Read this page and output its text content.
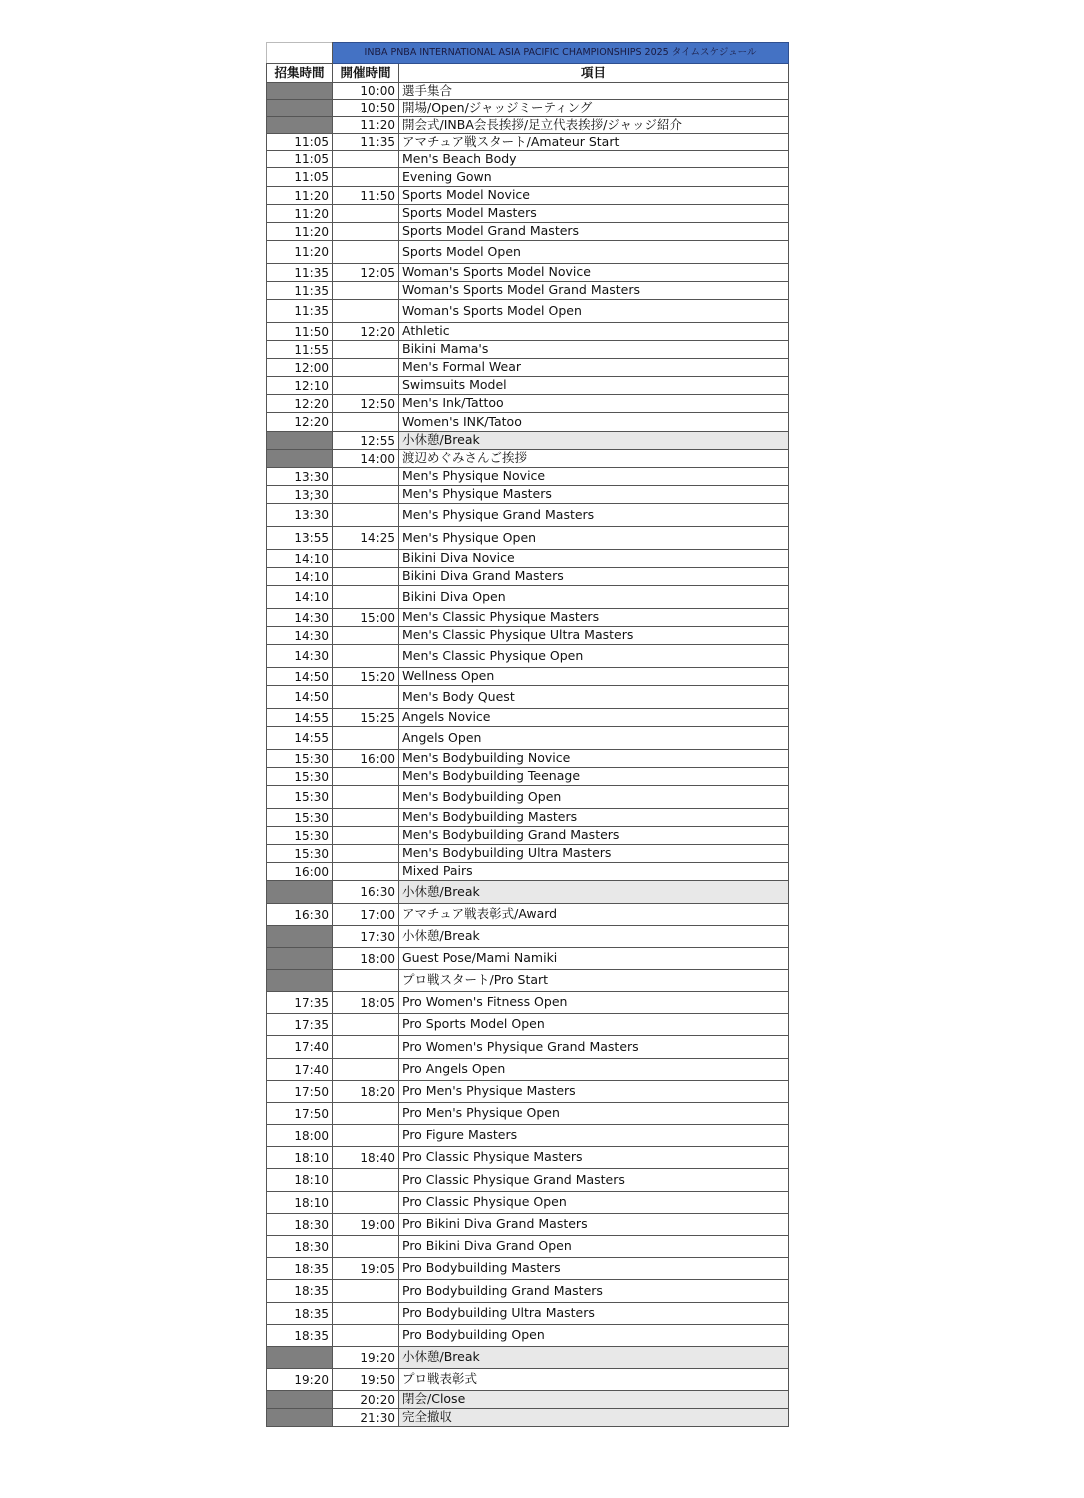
	INBA PNBA INTERNATIONAL ASIA PACIFIC CHAMPIONSHIPS 2025 タイムスケジュール	
招集時間	開催時間	項目
	10:00	選手集合
	10:50	開場/Open/ジャッジミーティング
	11:20	開会式/INBA会長挨拶/足立代表挨拶/ジャッジ紹介
11:05	11:35	アマチュア戦スタート/Amateur Start
11:05		Men's Beach Body
11:05		Evening Gown
11:20	11:50	Sports Model Novice
11:20		Sports Model Masters
11:20		Sports Model Grand Masters
11:20		Sports Model Open
11:35	12:05	Woman's Sports Model Novice
11:35		Woman's Sports Model Grand Masters
11:35		Woman's Sports Model Open
11:50	12:20	Athletic
11:55		Bikini Mama's
12:00		Men's Formal Wear
12:10		Swimsuits Model
12:20	12:50	Men's Ink/Tattoo
12:20		Women's INK/Tatoo
	12:55	小休憩/Break
	14:00	渡辺めぐみさんご挨拶
13:30		Men's Physique Novice
13;30		Men's Physique Masters
13:30		Men's Physique Grand Masters
13:55	14:25	Men's Physique Open
14:10		Bikini Diva Novice
14:10		Bikini Diva Grand Masters
14:10		Bikini Diva Open
14:30	15:00	Men's Classic Physique Masters
14:30		Men's Classic Physique Ultra Masters
14:30		Men's Classic Physique Open
14:50	15:20	Wellness Open
14:50		Men's Body Quest
14:55	15:25	Angels Novice
14:55		Angels Open
15:30	16:00	Men's Bodybuilding Novice
15:30		Men's Bodybuilding Teenage
15:30		Men's Bodybuilding Open
15:30		Men's Bodybuilding Masters
15:30		Men's Bodybuilding Grand Masters
15:30		Men's Bodybuilding Ultra Masters
16:00		Mixed Pairs
	16:30	小休憩/Break
16:30	17:00	アマチュア戦表彰式/Award
	17:30	小休憩/Break
	18:00	Guest Pose/Mami Namiki
		プロ戦スタート/Pro Start
17:35	18:05	Pro Women's Fitness Open
17:35		Pro Sports Model Open
17:40		Pro Women's Physique Grand Masters
17:40		Pro Angels Open
17:50	18:20	Pro Men's Physique Masters
17:50		Pro Men's Physique Open
18:00		Pro Figure Masters
18:10	18:40	Pro Classic Physique Masters
18:10		Pro Classic Physique Grand Masters
18:10		Pro Classic Physique Open
18:30	19:00	Pro Bikini Diva Grand Masters
18:30		Pro Bikini Diva Grand Open
18:35	19:05	Pro Bodybuilding Masters
18:35		Pro Bodybuilding Grand Masters
18:35		Pro Bodybuilding Ultra Masters
18:35		Pro Bodybuilding Open
	19:20	小休憩/Break
19:20	19:50	プロ戦表彰式
	20:20	閉会/Close
	21:30	完全撤収
